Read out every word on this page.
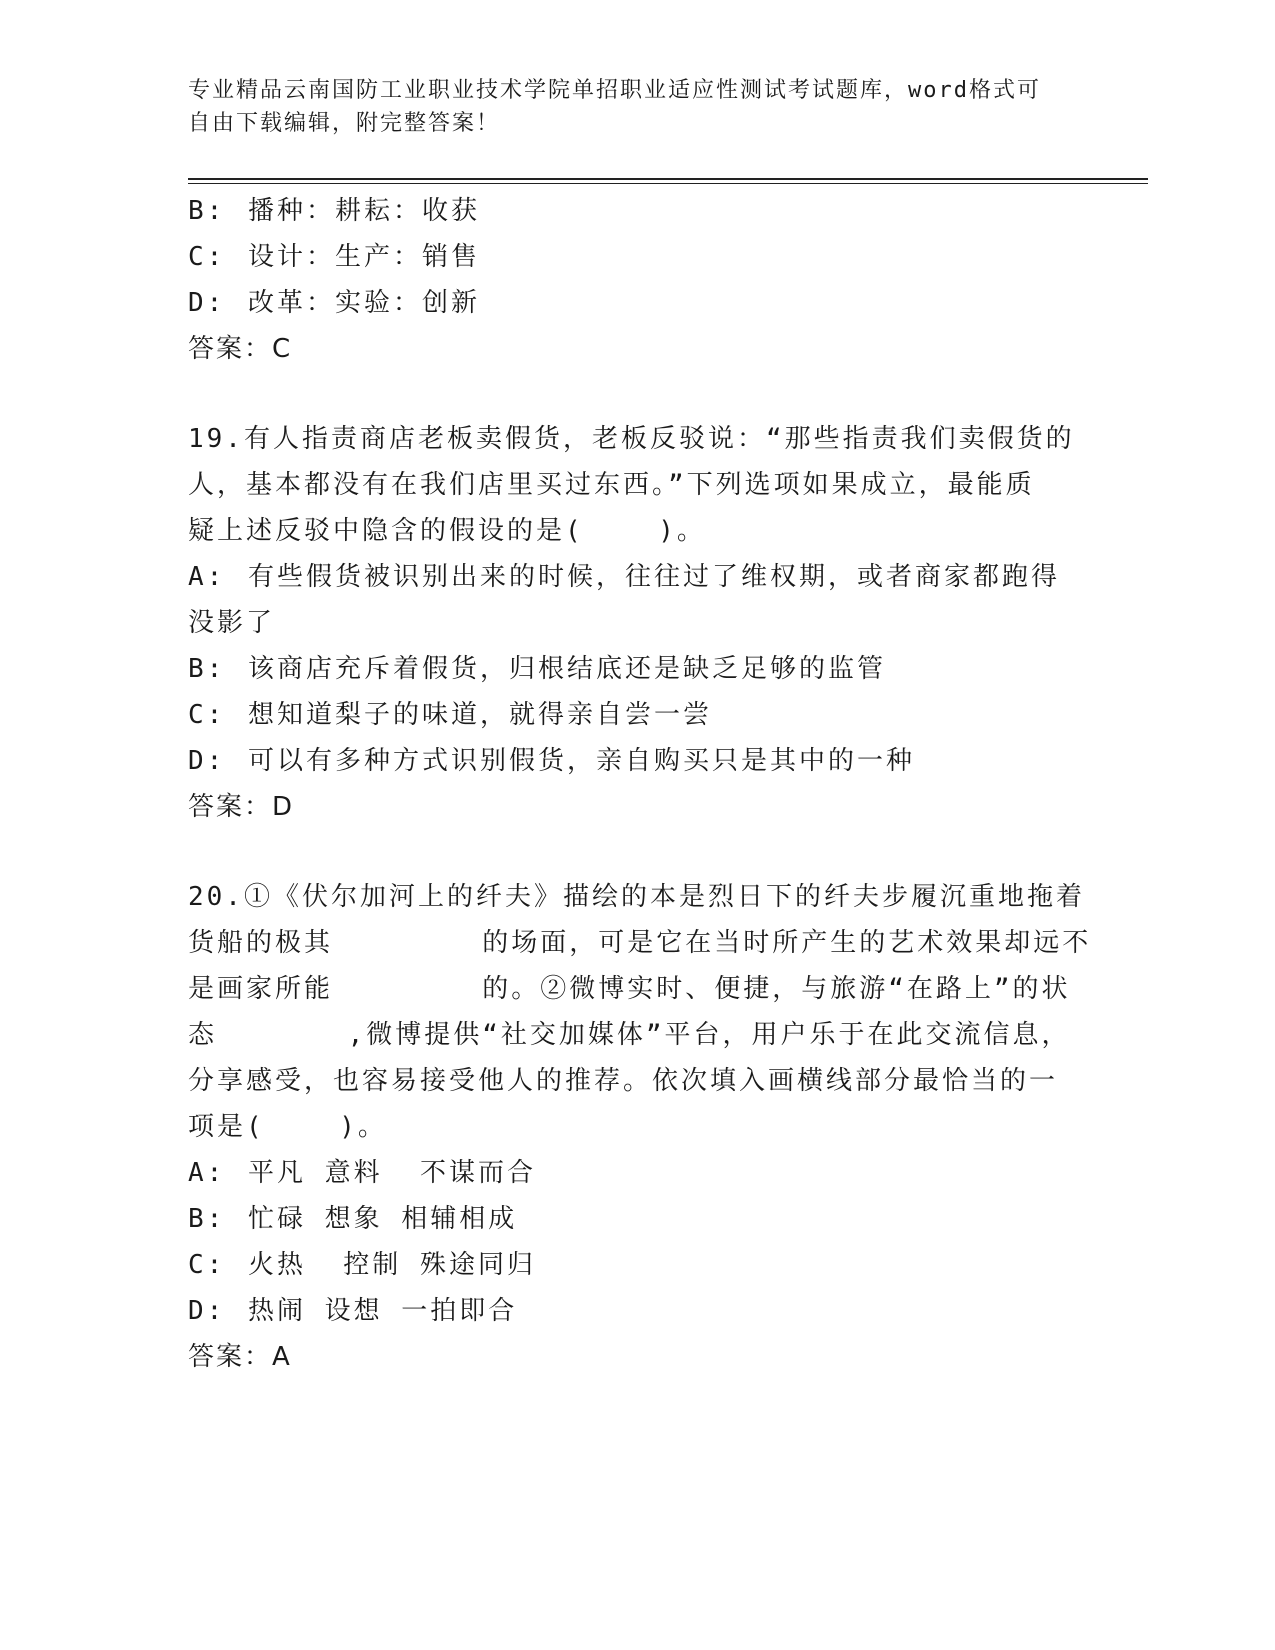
专业精品云南国防工业职业技术学院单招职业适应性测试考试题库，word格式可
自由下载编辑，附完整答案！
B: 播种：耕耘：收获
C: 设计：生产：销售
D: 改革：实验：创新
答案：C
19.有人指责商店老板卖假货，老板反驳说：“那些指责我们卖假货的
人，基本都没有在我们店里买过东西。”下列选项如果成立，最能质
疑上述反驳中隐含的假设的是(    )。
A: 有些假货被识别出来的时候，往往过了维权期，或者商家都跑得
没影了
B: 该商店充斥着假货，归根结底还是缺乏足够的监管
C: 想知道梨子的味道，就得亲自尝一尝
D: 可以有多种方式识别假货，亲自购买只是其中的一种
答案：D
20.①《伏尔加河上的纤夫》描绘的本是烈日下的纤夫步履沉重地拖着
货船的极其        的场面，可是它在当时所产生的艺术效果却远不
是画家所能        的。②微博实时、便捷，与旅游“在路上”的状
态       ,微博提供“社交加媒体”平台，用户乐于在此交流信息，
分享感受，也容易接受他人的推荐。依次填入画横线部分最恰当的一
项是(    )。
A: 平凡 意料  不谋而合
B: 忙碌 想象 相辅相成
C: 火热  控制 殊途同归
D: 热闹 设想 一拍即合
答案：A
